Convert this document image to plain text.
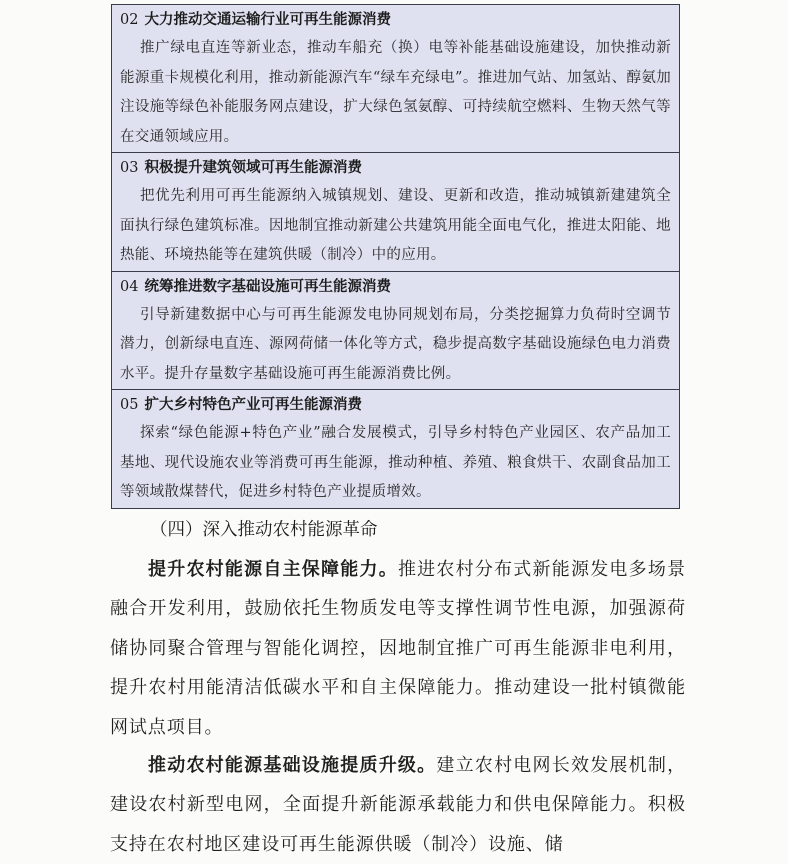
02 大力推动交通运输行业可再生能源消费
推广绿电直连等新业态，推动车船充（换）电等补能基础设施建设，加快推动新能源重卡规模化利用，推动新能源汽车“绿车充绿电”。推进加气站、加氢站、醇氨加注设施等绿色补能服务网点建设，扩大绿色氢氨醇、可持续航空燃料、生物天然气等在交通领域应用。
03 积极提升建筑领域可再生能源消费
把优先利用可再生能源纳入城镇规划、建设、更新和改造，推动城镇新建建筑全面执行绿色建筑标准。因地制宜推动新建公共建筑用能全面电气化，推进太阳能、地热能、环境热能等在建筑供暖（制冷）中的应用。
04 统筹推进数字基础设施可再生能源消费
引导新建数据中心与可再生能源发电协同规划布局，分类挖掘算力负荷时空调节潜力，创新绿电直连、源网荷储一体化等方式，稳步提高数字基础设施绿色电力消费水平。提升存量数字基础设施可再生能源消费比例。
05 扩大乡村特色产业可再生能源消费
探索“绿色能源+特色产业”融合发展模式，引导乡村特色产业园区、农产品加工基地、现代设施农业等消费可再生能源，推动种植、养殖、粮食烘干、农副食品加工等领域散煤替代，促进乡村特色产业提质增效。
（四）深入推动农村能源革命
提升农村能源自主保障能力。推进农村分布式新能源发电多场景融合开发利用，鼓励依托生物质发电等支撑性调节性电源，加强源荷储协同聚合管理与智能化调控，因地制宜推广可再生能源非电利用，提升农村用能清洁低碳水平和自主保障能力。推动建设一批村镇微能网试点项目。
推动农村能源基础设施提质升级。建立农村电网长效发展机制，建设农村新型电网，全面提升新能源承载能力和供电保障能力。积极支持在农村地区建设可再生能源供暖（制冷）设施、储
